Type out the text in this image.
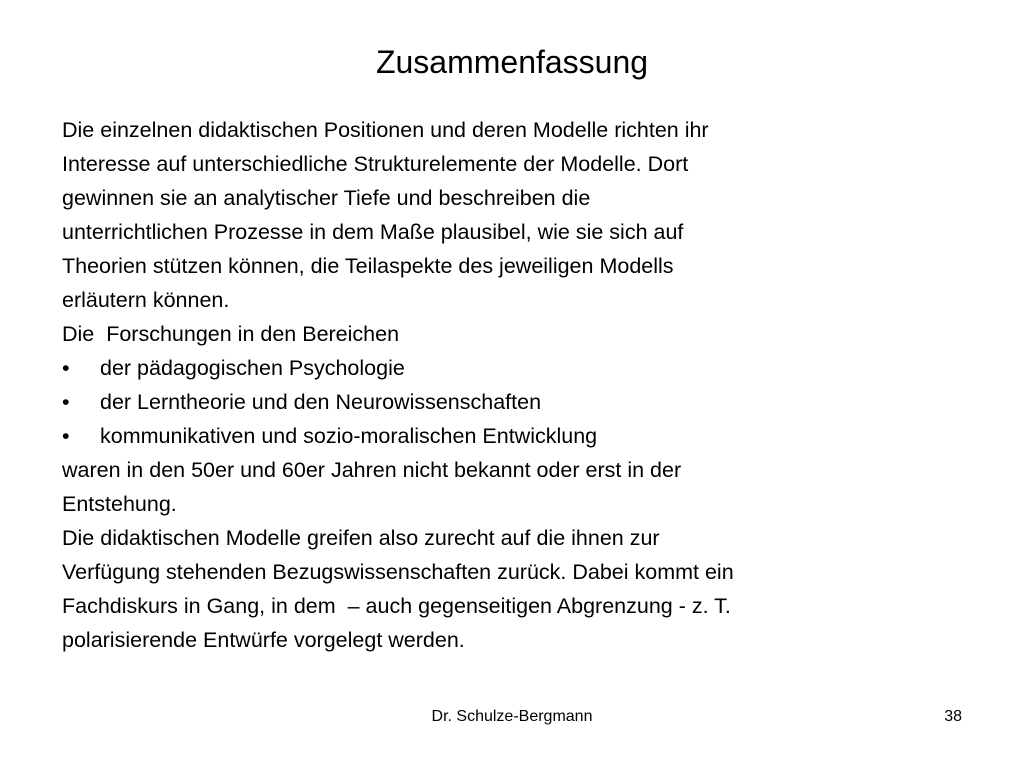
Zusammenfassung
Die einzelnen didaktischen Positionen und deren Modelle richten ihr
Interesse auf unterschiedliche Strukturelemente der Modelle. Dort
gewinnen sie an analytischer Tiefe und beschreiben die
unterrichtlichen Prozesse in dem Maße plausibel, wie sie sich auf
Theorien stützen können, die Teilaspekte des jeweiligen Modells
erläutern können.
Die  Forschungen in den Bereichen
• der pädagogischen Psychologie
• der Lerntheorie und den Neurowissenschaften
• kommunikativen und sozio-moralischen Entwicklung
waren in den 50er und 60er Jahren nicht bekannt oder erst in der
Entstehung.
Die didaktischen Modelle greifen also zurecht auf die ihnen zur
Verfügung stehenden Bezugswissenschaften zurück. Dabei kommt ein
Fachdiskurs in Gang, in dem  – auch gegenseitigen Abgrenzung - z. T.
polarisierende Entwürfe vorgelegt werden.
Dr. Schulze-Bergmann	38
